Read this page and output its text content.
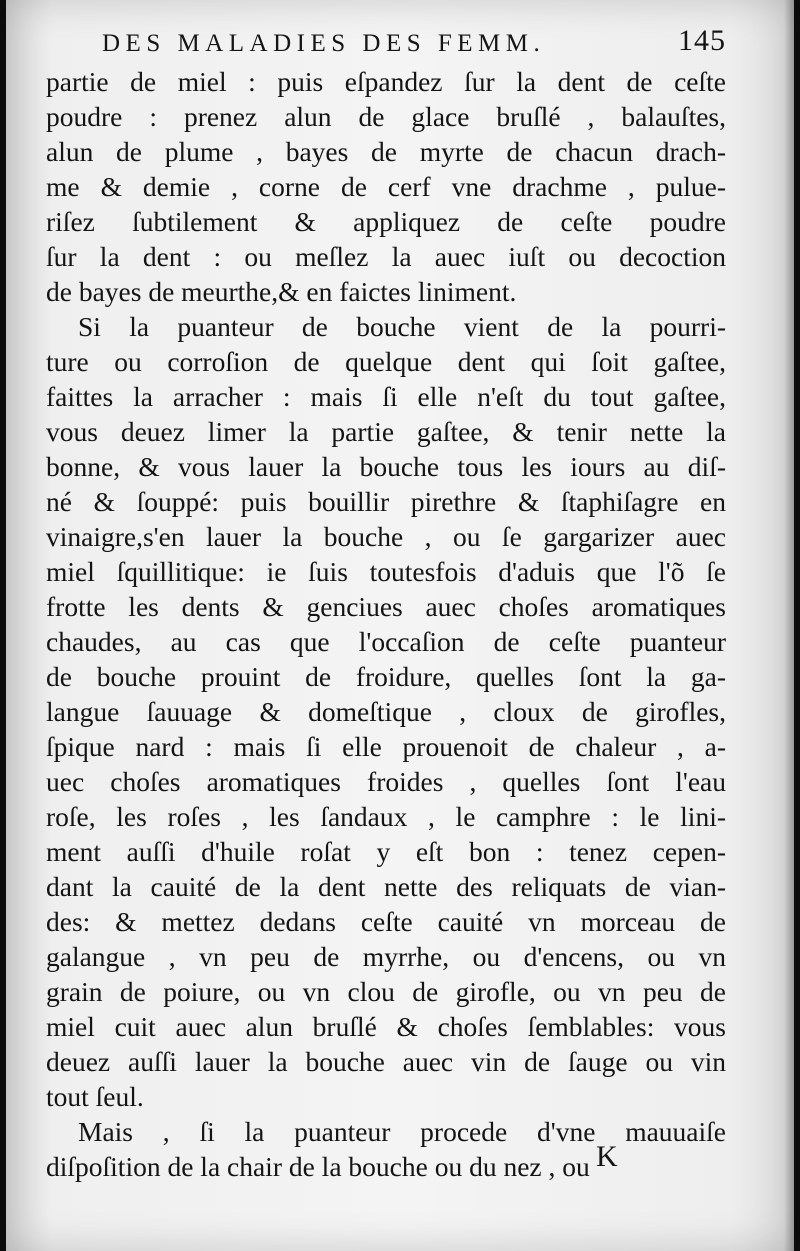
DES MALADIES DES FEMM.	145
partie de miel : puis eſpandez ſur la dent de ceſte
poudre : prenez alun de glace bruſlé , balauſtes,
alun de plume , bayes de myrte de chacun drach-
me & demie , corne de cerf vne drachme , pulue-
riſez ſubtilement & appliquez de ceſte poudre
ſur la dent : ou meſlez la auec iuſt ou decoction
de bayes de meurthe,& en faictes liniment.
Si la puanteur de bouche vient de la pourri-
ture ou corroſion de quelque dent qui ſoit gaſtee,
faittes la arracher : mais ſi elle n'eſt du tout gaſtee,
vous deuez limer la partie gaſtee, & tenir nette la
bonne, & vous lauer la bouche tous les iours au diſ-
né & ſouppé: puis bouillir pirethre & ſtaphiſagre en
vinaigre,s'en lauer la bouche , ou ſe gargarizer auec
miel ſquillitique: ie ſuis toutesfois d'aduis que l'õ ſe
frotte les dents & genciues auec choſes aromatiques
chaudes, au cas que l'occaſion de ceſte puanteur
de bouche prouint de froidure, quelles ſont la ga-
langue ſauuage & domeſtique , cloux de girofles,
ſpique nard : mais ſi elle prouenoit de chaleur , a-
uec choſes aromatiques froides , quelles ſont l'eau
roſe, les roſes , les ſandaux , le camphre : le lini-
ment auſſi d'huile roſat y eſt bon : tenez cepen-
dant la cauité de la dent nette des reliquats de vian-
des: & mettez dedans ceſte cauité vn morceau de
galangue , vn peu de myrrhe, ou d'encens, ou vn
grain de poiure, ou vn clou de girofle, ou vn peu de
miel cuit auec alun bruſlé & choſes ſemblables: vous
deuez auſſi lauer la bouche auec vin de ſauge ou vin
tout ſeul.
Mais , ſi la puanteur procede d'vne mauuaiſe
diſpoſition de la chair de la bouche ou du nez , ou K
